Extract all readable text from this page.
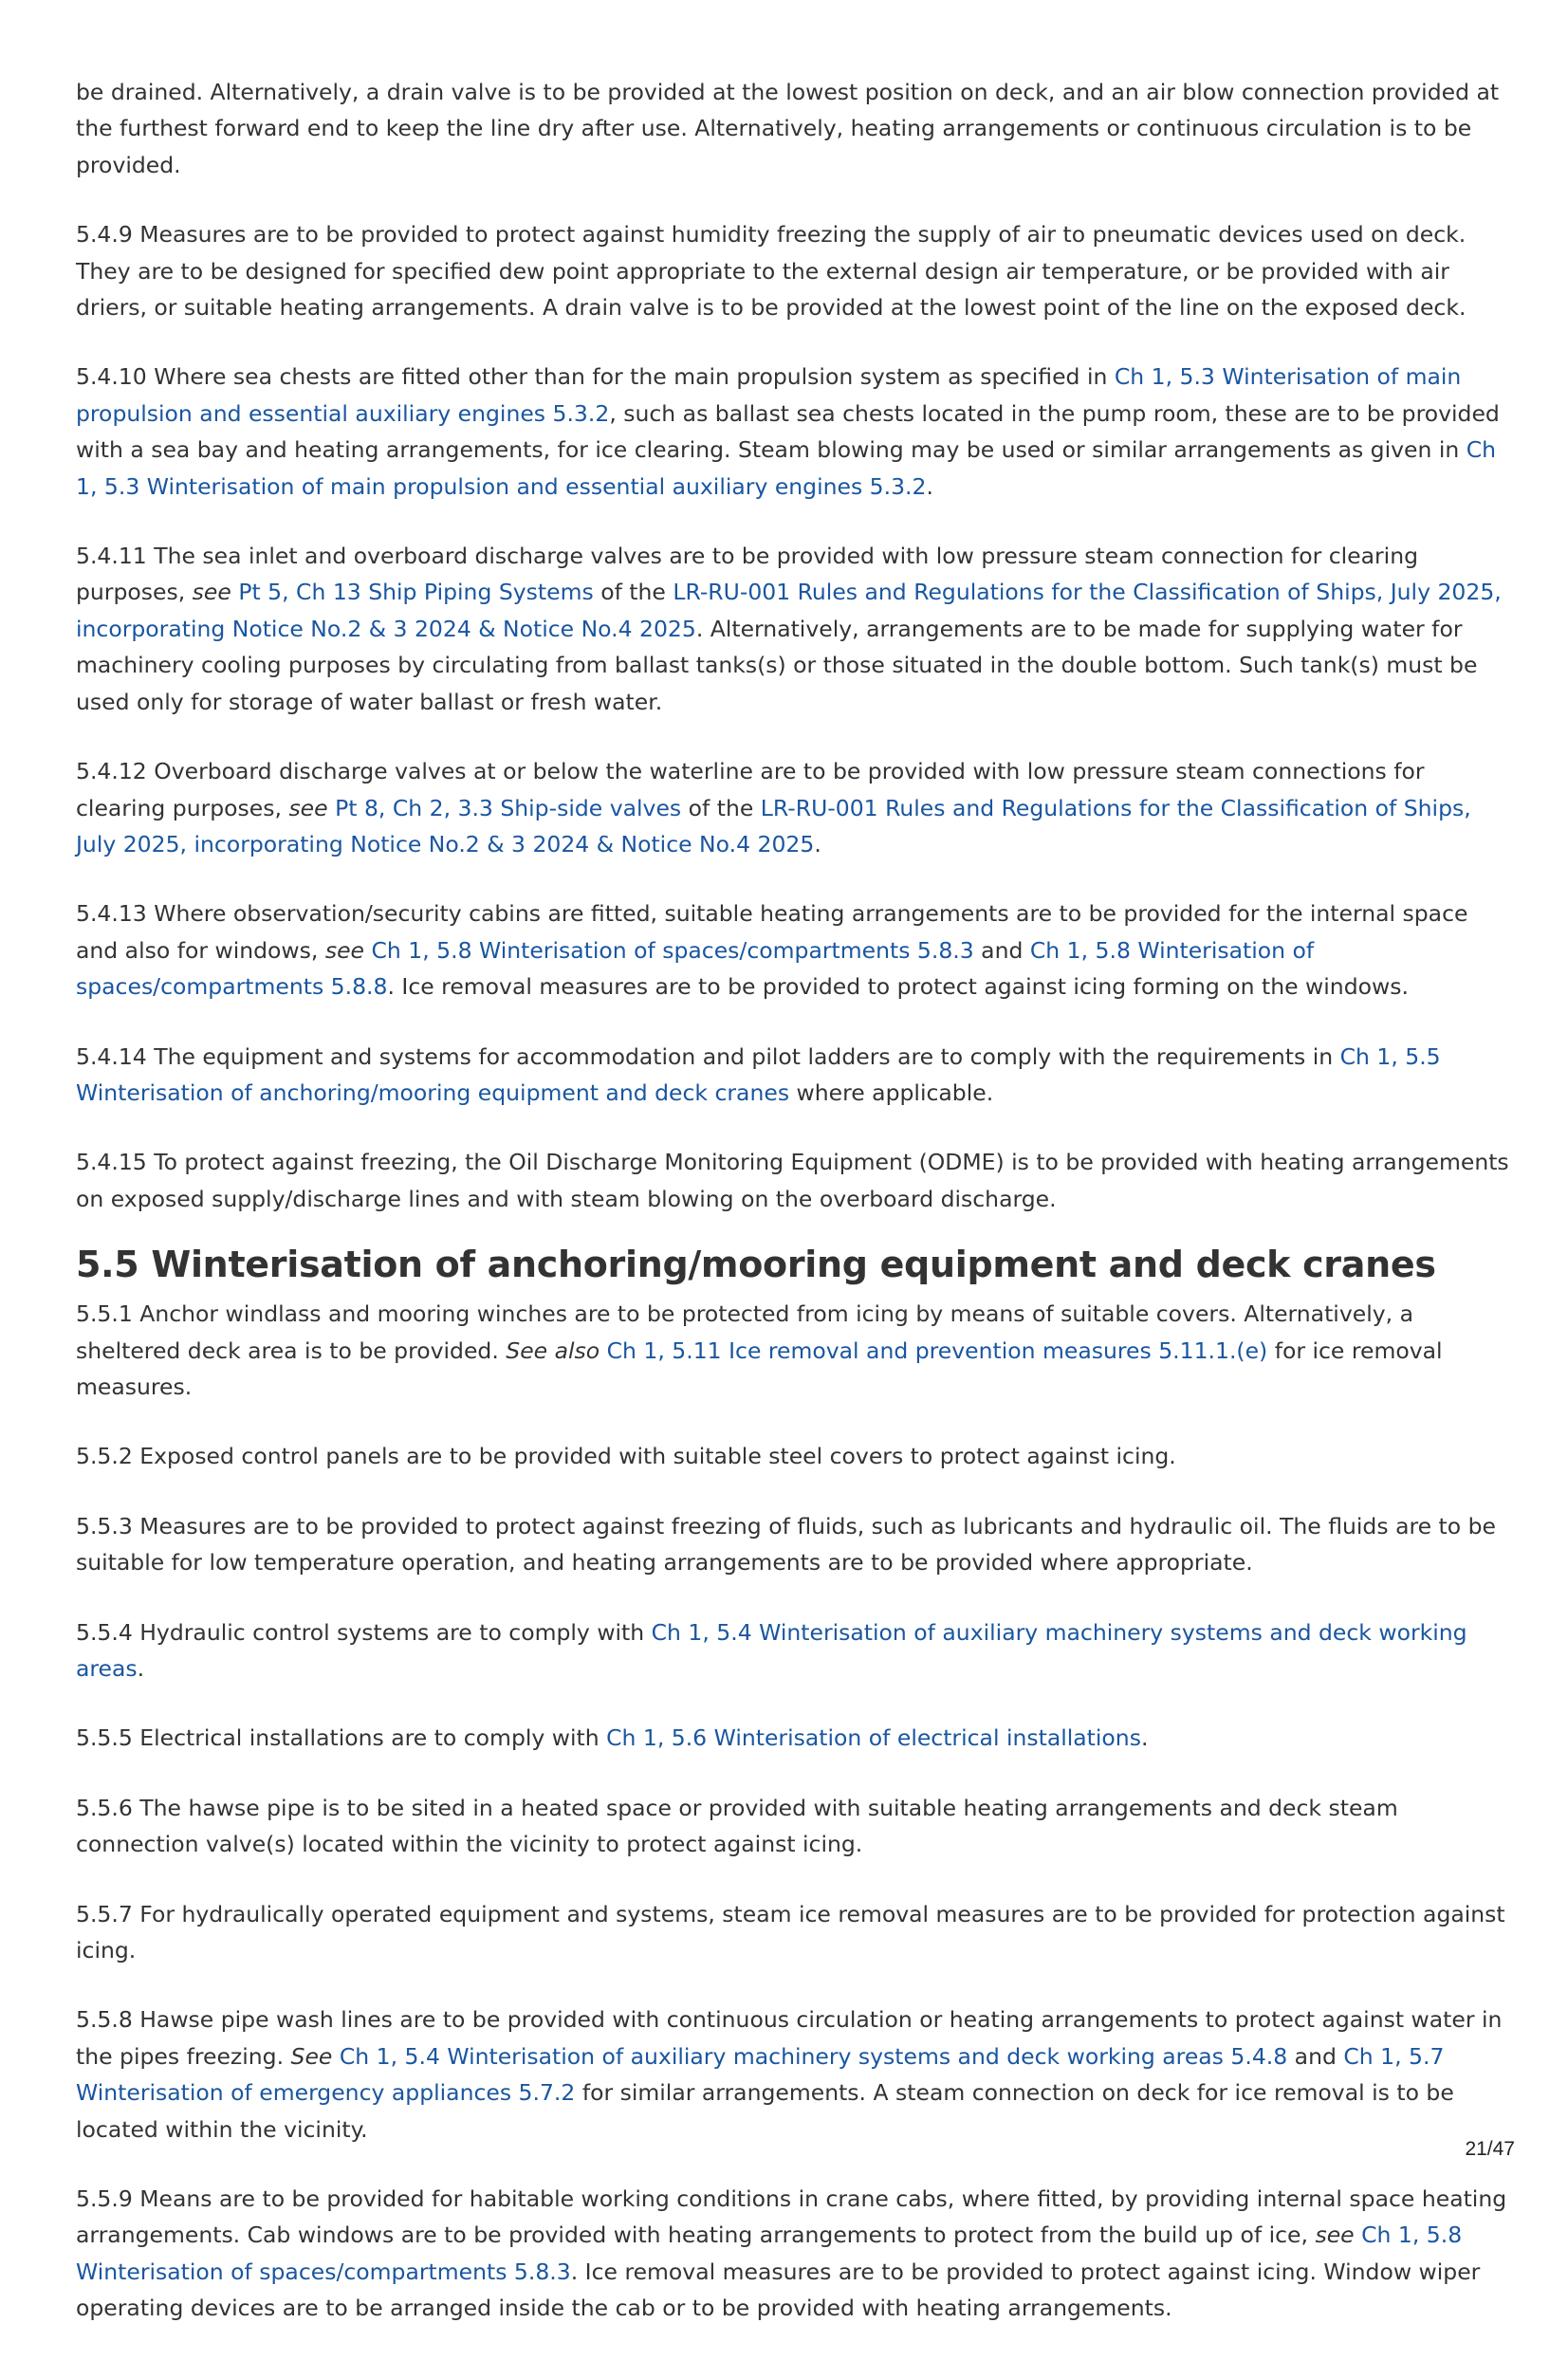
be drained. Alternatively, a drain valve is to be provided at the lowest position on deck, and an air blow connection provided at the furthest forward end to keep the line dry after use. Alternatively, heating arrangements or continuous circulation is to be provided.

5.4.9 Measures are to be provided to protect against humidity freezing the supply of air to pneumatic devices used on deck. They are to be designed for specified dew point appropriate to the external design air temperature, or be provided with air driers, or suitable heating arrangements. A drain valve is to be provided at the lowest point of the line on the exposed deck.

5.4.10 Where sea chests are fitted other than for the main propulsion system as specified in Ch 1, 5.3 Winterisation of main propulsion and essential auxiliary engines 5.3.2, such as ballast sea chests located in the pump room, these are to be provided with a sea bay and heating arrangements, for ice clearing. Steam blowing may be used or similar arrangements as given in Ch 1, 5.3 Winterisation of main propulsion and essential auxiliary engines 5.3.2.

5.4.11 The sea inlet and overboard discharge valves are to be provided with low pressure steam connection for clearing purposes, see Pt 5, Ch 13 Ship Piping Systems of the LR-RU-001 Rules and Regulations for the Classification of Ships, July 2025, incorporating Notice No.2 & 3 2024 & Notice No.4 2025. Alternatively, arrangements are to be made for supplying water for machinery cooling purposes by circulating from ballast tanks(s) or those situated in the double bottom. Such tank(s) must be used only for storage of water ballast or fresh water.

5.4.12 Overboard discharge valves at or below the waterline are to be provided with low pressure steam connections for clearing purposes, see Pt 8, Ch 2, 3.3 Ship-side valves of the LR-RU-001 Rules and Regulations for the Classification of Ships, July 2025, incorporating Notice No.2 & 3 2024 & Notice No.4 2025.

5.4.13 Where observation/security cabins are fitted, suitable heating arrangements are to be provided for the internal space and also for windows, see Ch 1, 5.8 Winterisation of spaces/compartments 5.8.3 and Ch 1, 5.8 Winterisation of spaces/compartments 5.8.8. Ice removal measures are to be provided to protect against icing forming on the windows.

5.4.14 The equipment and systems for accommodation and pilot ladders are to comply with the requirements in Ch 1, 5.5 Winterisation of anchoring/mooring equipment and deck cranes where applicable.

5.4.15 To protect against freezing, the Oil Discharge Monitoring Equipment (ODME) is to be provided with heating arrangements on exposed supply/discharge lines and with steam blowing on the overboard discharge.

5.5 Winterisation of anchoring/mooring equipment and deck cranes

5.5.1 Anchor windlass and mooring winches are to be protected from icing by means of suitable covers. Alternatively, a sheltered deck area is to be provided. See also Ch 1, 5.11 Ice removal and prevention measures 5.11.1.(e) for ice removal measures.

5.5.2 Exposed control panels are to be provided with suitable steel covers to protect against icing.

5.5.3 Measures are to be provided to protect against freezing of fluids, such as lubricants and hydraulic oil. The fluids are to be suitable for low temperature operation, and heating arrangements are to be provided where appropriate.

5.5.4 Hydraulic control systems are to comply with Ch 1, 5.4 Winterisation of auxiliary machinery systems and deck working areas.

5.5.5 Electrical installations are to comply with Ch 1, 5.6 Winterisation of electrical installations.

5.5.6 The hawse pipe is to be sited in a heated space or provided with suitable heating arrangements and deck steam connection valve(s) located within the vicinity to protect against icing.

5.5.7 For hydraulically operated equipment and systems, steam ice removal measures are to be provided for protection against icing.

5.5.8 Hawse pipe wash lines are to be provided with continuous circulation or heating arrangements to protect against water in the pipes freezing. See Ch 1, 5.4 Winterisation of auxiliary machinery systems and deck working areas 5.4.8 and Ch 1, 5.7 Winterisation of emergency appliances 5.7.2 for similar arrangements. A steam connection on deck for ice removal is to be located within the vicinity.

5.5.9 Means are to be provided for habitable working conditions in crane cabs, where fitted, by providing internal space heating arrangements. Cab windows are to be provided with heating arrangements to protect from the build up of ice, see Ch 1, 5.8 Winterisation of spaces/compartments 5.8.3. Ice removal measures are to be provided to protect against icing. Window wiper operating devices are to be arranged inside the cab or to be provided with heating arrangements.

21/47
